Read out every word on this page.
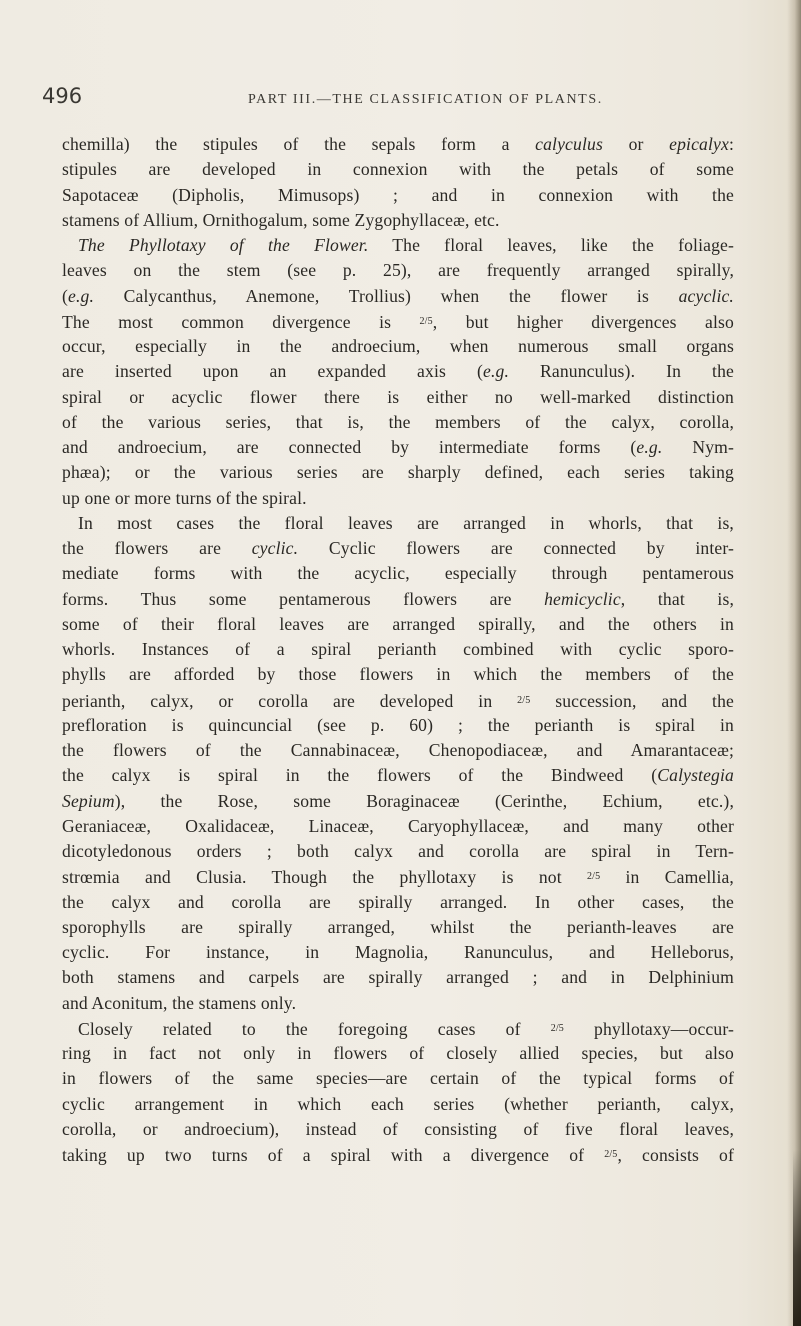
496	PART III.—THE CLASSIFICATION OF PLANTS.
chemilla) the stipules of the sepals form a calyculus or epicalyx:
stipules are developed in connexion with the petals of some
Sapotaceæ (Dipholis, Mimusops) ; and in connexion with the
stamens of Allium, Ornithogalum, some Zygophyllaceæ, etc.
The Phyllotaxy of the Flower. The floral leaves, like the foliage-
leaves on the stem (see p. 25), are frequently arranged spirally,
(e.g. Calycanthus, Anemone, Trollius) when the flower is acyclic.
The most common divergence is $^{2/5}$, but higher divergences also
occur, especially in the androecium, when numerous small organs
are inserted upon an expanded axis (e.g. Ranunculus). In the
spiral or acyclic flower there is either no well-marked distinction
of the various series, that is, the members of the calyx, corolla,
and androecium, are connected by intermediate forms (e.g. Nym-
phæa); or the various series are sharply defined, each series taking
up one or more turns of the spiral.
In most cases the floral leaves are arranged in whorls, that is,
the flowers are cyclic. Cyclic flowers are connected by inter-
mediate forms with the acyclic, especially through pentamerous
forms. Thus some pentamerous flowers are hemicyclic, that is,
some of their floral leaves are arranged spirally, and the others in
whorls. Instances of a spiral perianth combined with cyclic sporo-
phylls are afforded by those flowers in which the members of the
perianth, calyx, or corolla are developed in $^{2/5}$ succession, and the
prefloration is quincuncial (see p. 60) ; the perianth is spiral in
the flowers of the Cannabinaceæ, Chenopodiaceæ, and Amarantaceæ;
the calyx is spiral in the flowers of the Bindweed (Calystegia
Sepium), the Rose, some Boraginaceæ (Cerinthe, Echium, etc.),
Geraniaceæ, Oxalidaceæ, Linaceæ, Caryophyllaceæ, and many other
dicotyledonous orders ; both calyx and corolla are spiral in Tern-
strœmia and Clusia. Though the phyllotaxy is not $^{2/5}$ in Camellia,
the calyx and corolla are spirally arranged. In other cases, the
sporophylls are spirally arranged, whilst the perianth-leaves are
cyclic. For instance, in Magnolia, Ranunculus, and Helleborus,
both stamens and carpels are spirally arranged ; and in Delphinium
and Aconitum, the stamens only.
Closely related to the foregoing cases of $^{2/5}$ phyllotaxy—occur-
ring in fact not only in flowers of closely allied species, but also
in flowers of the same species—are certain of the typical forms of
cyclic arrangement in which each series (whether perianth, calyx,
corolla, or androecium), instead of consisting of five floral leaves,
taking up two turns of a spiral with a divergence of $^{2/5}$, consists of
